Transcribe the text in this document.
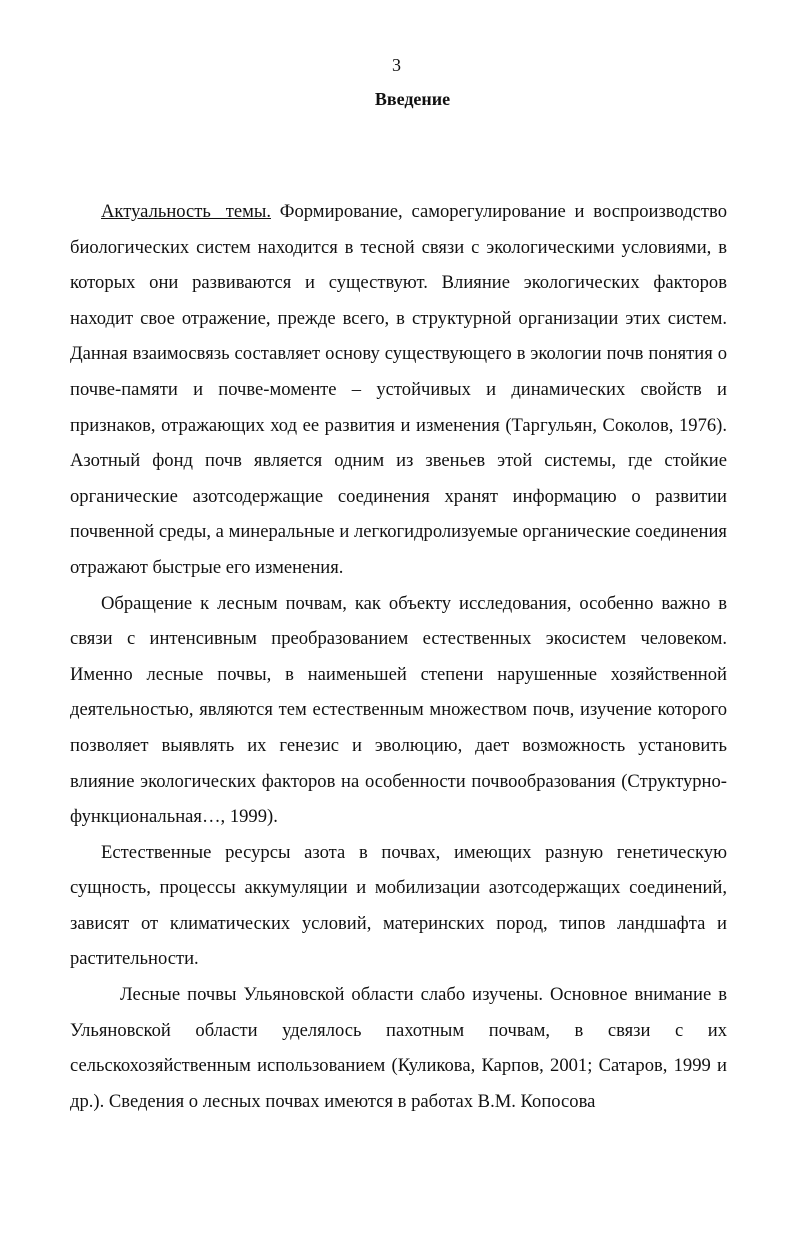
3
Введение

Актуальность темы. Формирование, саморегулирование и воспроизводство биологических систем находится в тесной связи с экологическими условиями, в которых они развиваются и существуют. Влияние экологических факторов находит свое отражение, прежде всего, в структурной организации этих систем. Данная взаимосвязь составляет основу существующего в экологии почв понятия о почве-памяти и почве-моменте – устойчивых и динамических свойств и признаков, отражающих ход ее развития и изменения (Таргульян, Соколов, 1976). Азотный фонд почв является одним из звеньев этой системы, где стойкие органические азотсодержащие соединения хранят информацию о развитии почвенной среды, а минеральные и легкогидролизуемые органические соединения отражают быстрые его изменения.

Обращение к лесным почвам, как объекту исследования, особенно важно в связи с интенсивным преобразованием естественных экосистем человеком. Именно лесные почвы, в наименьшей степени нарушенные хозяйственной деятельностью, являются тем естественным множеством почв, изучение которого позволяет выявлять их генезис и эволюцию, дает возможность установить влияние экологических факторов на особенности почвообразования (Структурно-функциональная…, 1999).

Естественные ресурсы азота в почвах, имеющих разную генетическую сущность, процессы аккумуляции и мобилизации азотсодержащих соединений, зависят от климатических условий, материнских пород, типов ландшафта и растительности.

Лесные почвы Ульяновской области слабо изучены. Основное внимание в Ульяновской области уделялось пахотным почвам, в связи с их сельскохозяйственным использованием (Куликова, Карпов, 2001; Сатаров, 1999 и др.). Сведения о лесных почвах имеются в работах В.М. Копосова
